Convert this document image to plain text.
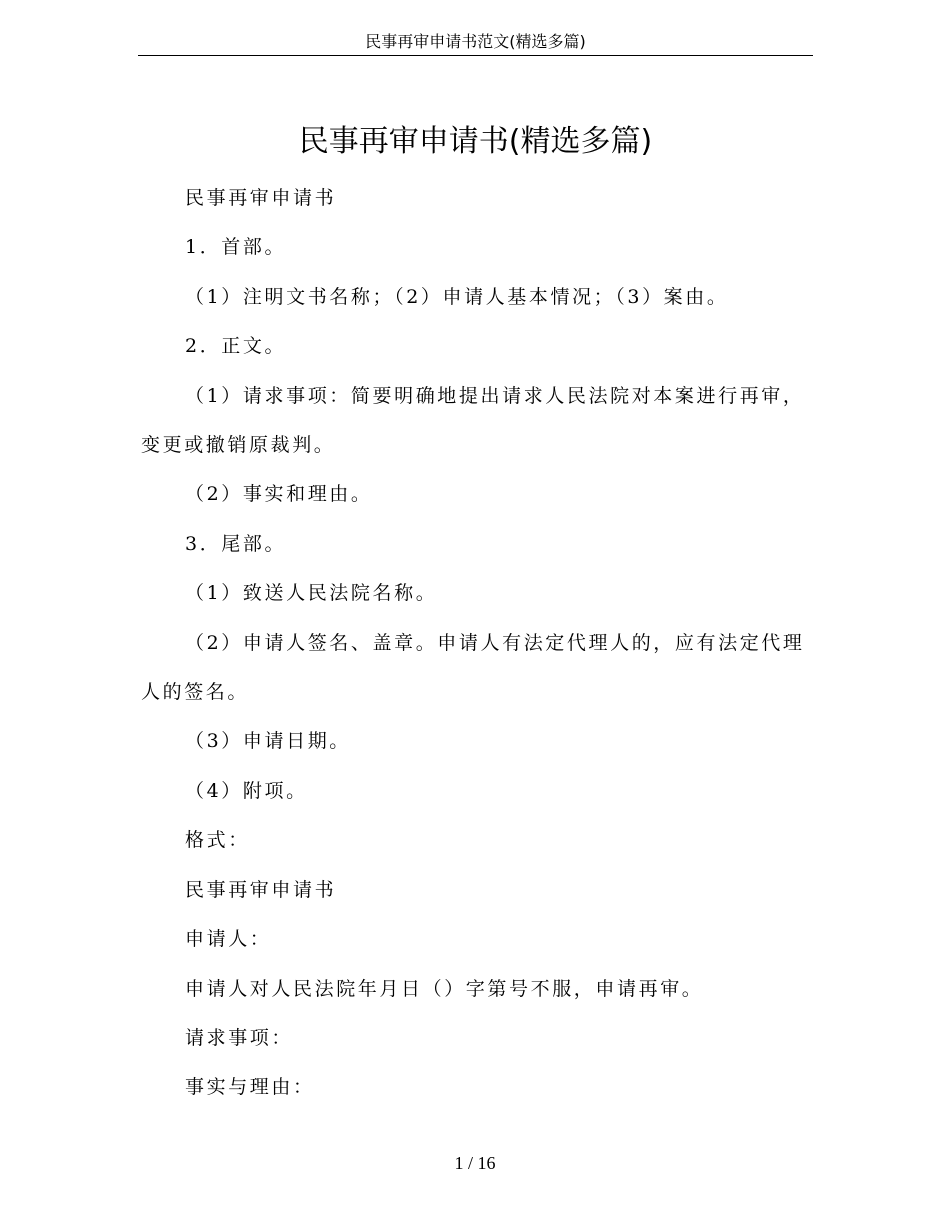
民事再审申请书范文(精选多篇)
民事再审申请书(精选多篇)

民事再审申请书

1．首部。

（1）注明文书名称；（2）申请人基本情况；（3）案由。

2．正文。

（1）请求事项：简要明确地提出请求人民法院对本案进行再审，变更或撤销原裁判。

（2）事实和理由。

3．尾部。

（1）致送人民法院名称。

（2）申请人签名、盖章。申请人有法定代理人的，应有法定代理人的签名。

（3）申请日期。

（4）附项。

格式：

民事再审申请书

申请人：

申请人对人民法院年月日（）字第号不服，申请再审。

请求事项：

事实与理由：

1 / 16
